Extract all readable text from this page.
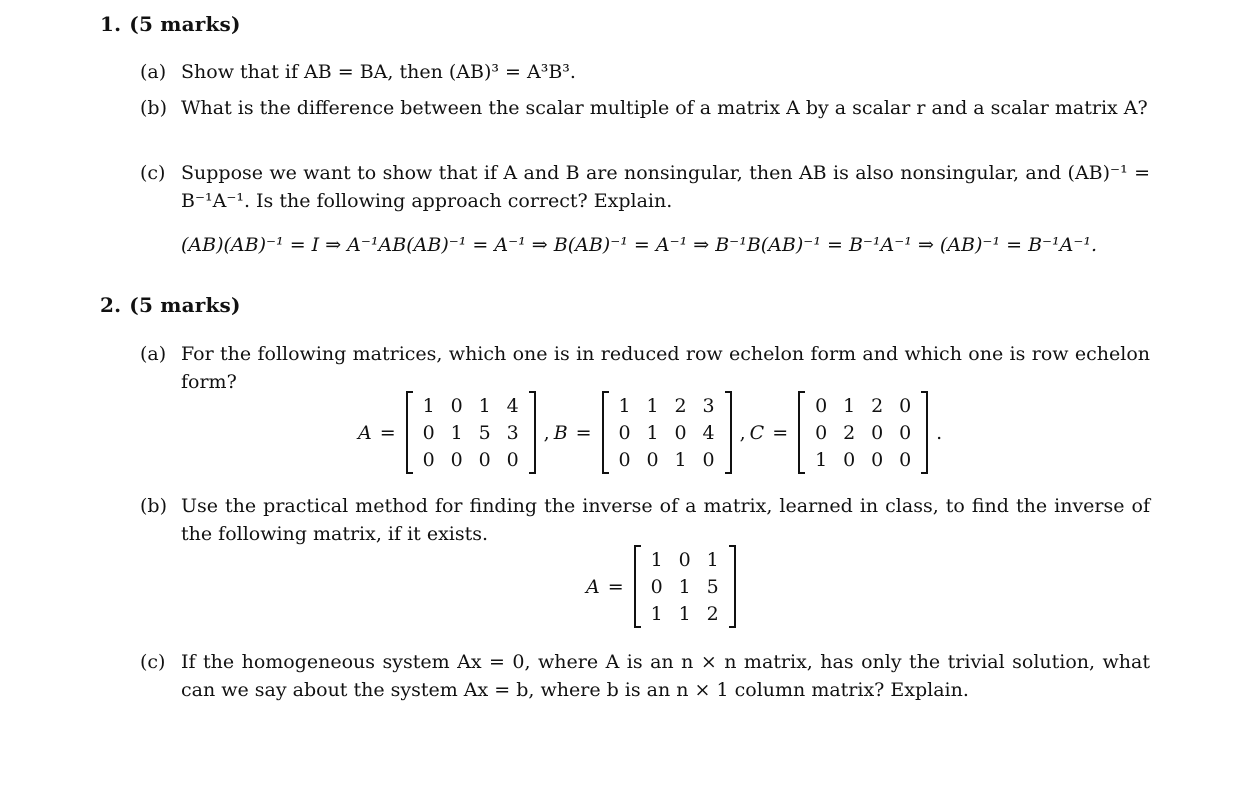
1. (5 marks)
(a) Show that if AB = BA, then (AB)³ = A³B³.
(b) What is the difference between the scalar multiple of a matrix A by a scalar r and a scalar matrix A?
(c) Suppose we want to show that if A and B are nonsingular, then AB is also nonsingular, and (AB)⁻¹ = B⁻¹A⁻¹. Is the following approach correct? Explain.
(AB)(AB)⁻¹ = I ⇒ A⁻¹AB(AB)⁻¹ = A⁻¹ ⇒ B(AB)⁻¹ = A⁻¹ ⇒ B⁻¹B(AB)⁻¹ = B⁻¹A⁻¹ ⇒ (AB)⁻¹ = B⁻¹A⁻¹.
2. (5 marks)
(a) For the following matrices, which one is in reduced row echelon form and which one is row echelon form?
A =
1	0	1	4
0	1	5	3
0	0	0	0
, B =
1	1	2	3
0	1	0	4
0	0	1	0
, C =
0	1	2	0
0	2	0	0
1	0	0	0
.
(b) Use the practical method for finding the inverse of a matrix, learned in class, to find the inverse of the following matrix, if it exists.
A =
1	0	1
0	1	5
1	1	2
(c) If the homogeneous system Ax = 0, where A is an n × n matrix, has only the trivial solution, what can we say about the system Ax = b, where b is an n × 1 column matrix? Explain.
